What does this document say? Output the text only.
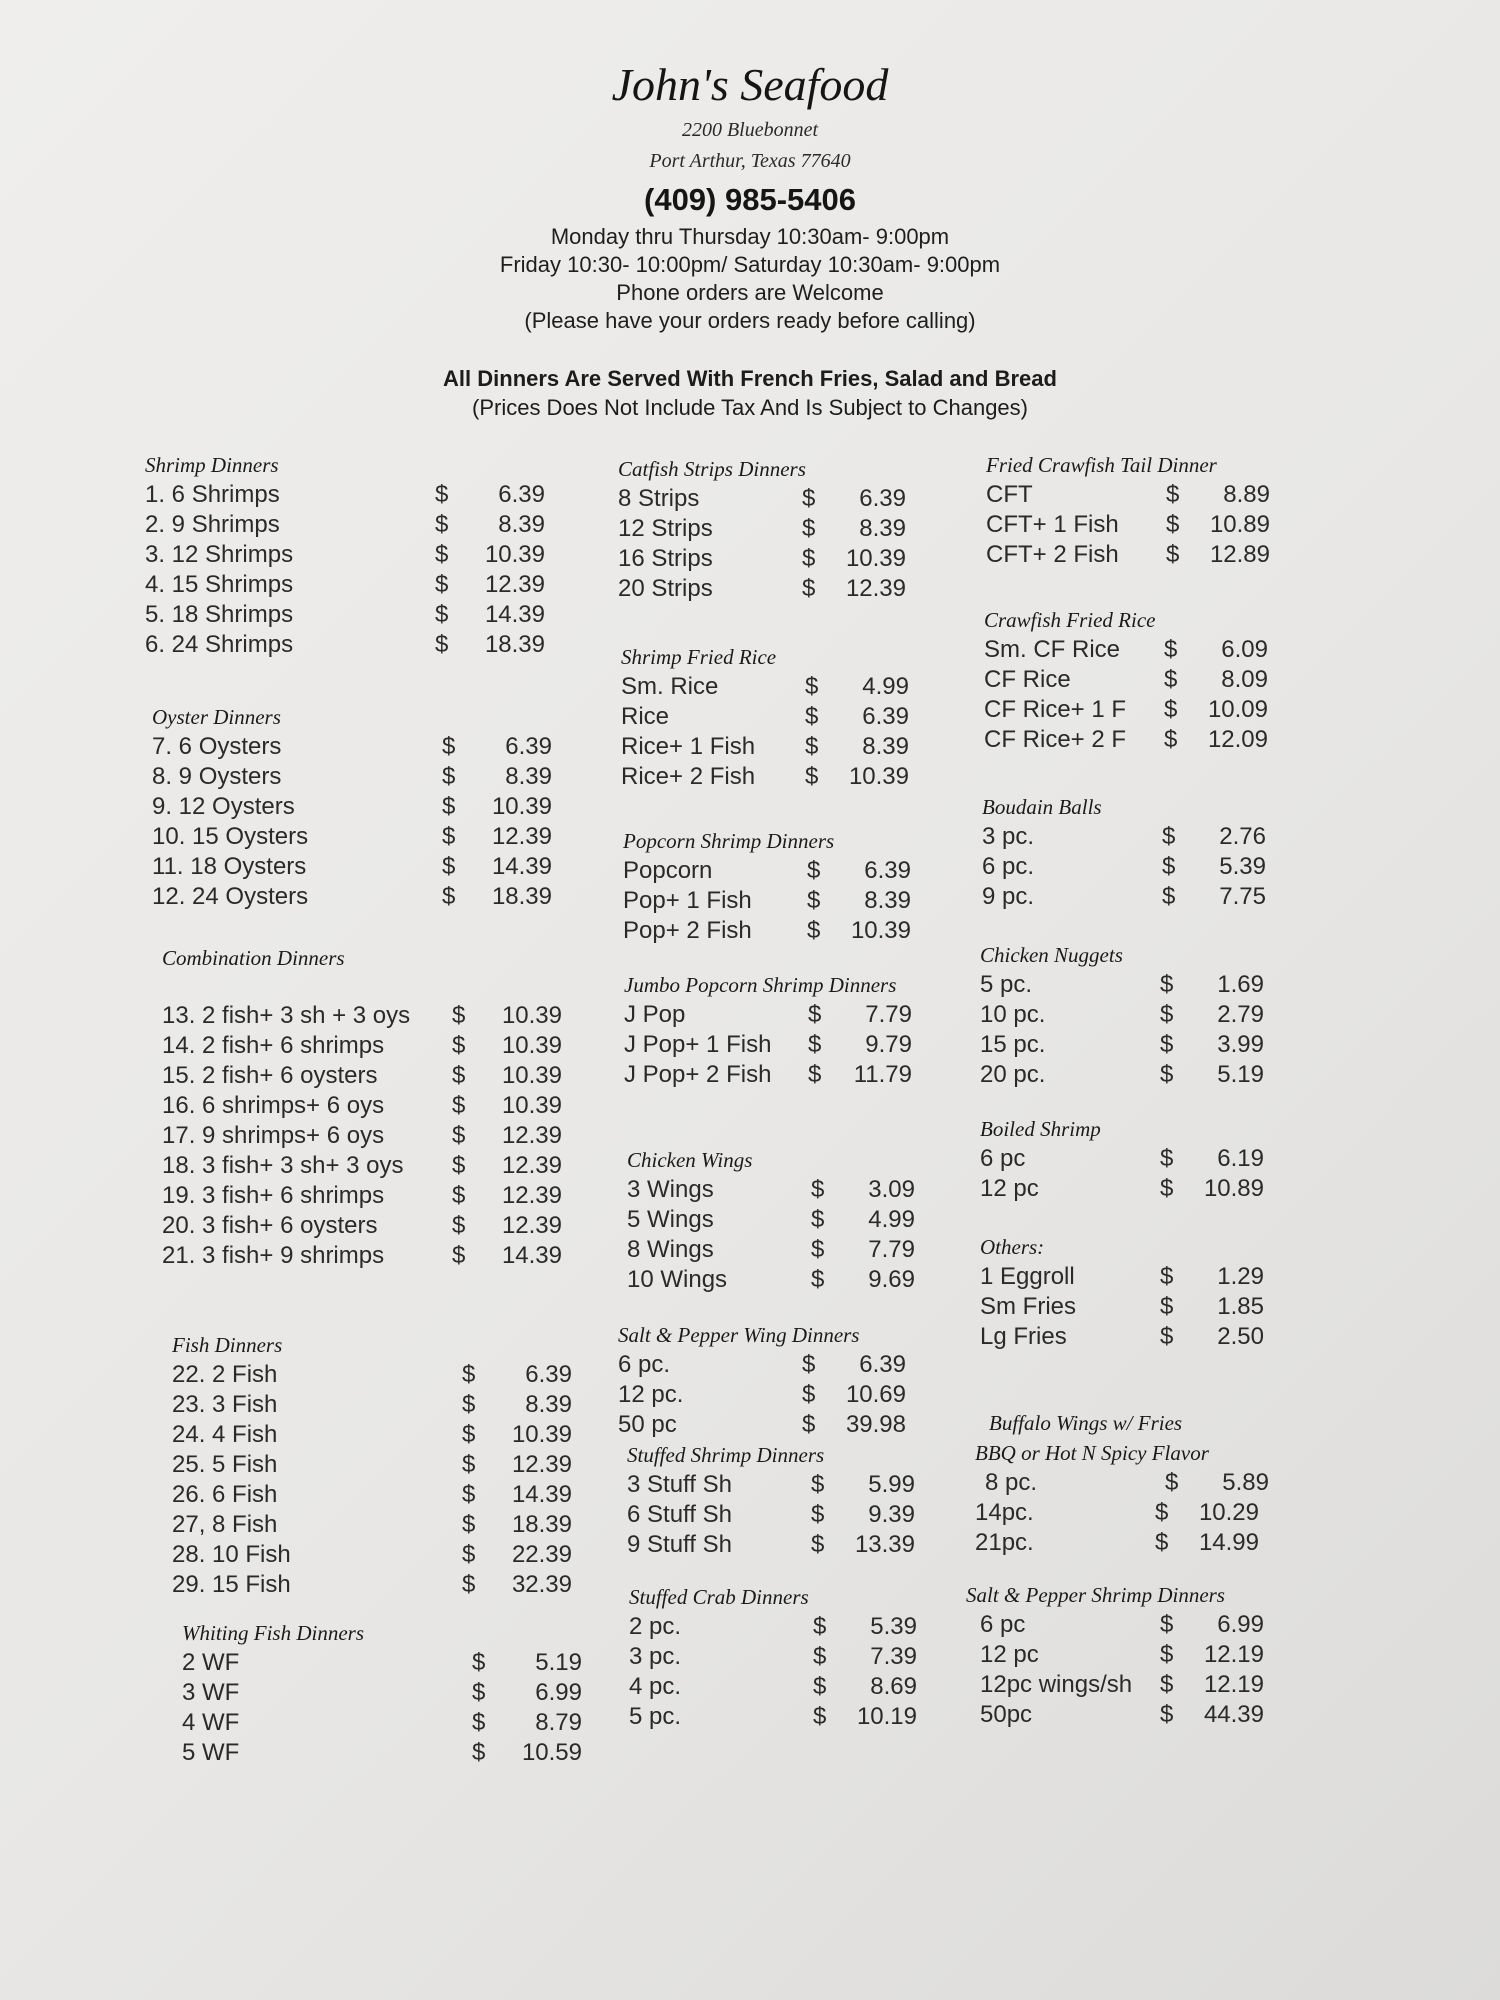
John's Seafood
2200 Bluebonnet
Port Arthur, Texas 77640
(409) 985-5406
Monday thru Thursday 10:30am- 9:00pm
Friday 10:30- 10:00pm/ Saturday 10:30am- 9:00pm
Phone orders are Welcome
(Please have your orders ready before calling)
All Dinners Are Served With French Fries, Salad and Bread
(Prices Does Not Include Tax And Is Subject to Changes)
Shrimp Dinners
1. 6 Shrimps	$	6.39
2. 9 Shrimps	$	8.39
3. 12 Shrimps	$	10.39
4. 15 Shrimps	$	12.39
5. 18 Shrimps	$	14.39
6. 24 Shrimps	$	18.39
Oyster Dinners
7. 6 Oysters	$	6.39
8. 9 Oysters	$	8.39
9. 12 Oysters	$	10.39
10. 15 Oysters	$	12.39
11. 18 Oysters	$	14.39
12. 24 Oysters	$	18.39
Combination Dinners
13. 2 fish+ 3 sh + 3 oys $	10.39
14. 2 fish+ 6 shrimps	$	10.39
15. 2 fish+ 6 oysters	$	10.39
16. 6 shrimps+ 6 oys	$	10.39
17. 9 shrimps+ 6 oys	$	12.39
18. 3 fish+ 3 sh+ 3 oys $	12.39
19. 3 fish+ 6 shrimps	$	12.39
20. 3 fish+ 6 oysters	$	12.39
21. 3 fish+ 9 shrimps	$	14.39
Fish Dinners
22. 2 Fish	$	6.39
23. 3 Fish	$	8.39
24. 4 Fish	$	10.39
25. 5 Fish	$	12.39
26. 6 Fish	$	14.39
27, 8 Fish	$	18.39
28. 10 Fish	$	22.39
29. 15 Fish	$	32.39
Whiting Fish Dinners
2 WF	$	5.19
3 WF	$	6.99
4 WF	$	8.79
5 WF	$	10.59
Catfish Strips Dinners
8 Strips	$	6.39
12 Strips	$	8.39
16 Strips	$	10.39
20 Strips	$	12.39
Shrimp Fried Rice
Sm. Rice	$	4.99
Rice	$	6.39
Rice+ 1 Fish $	8.39
Rice+ 2 Fish $	10.39
Popcorn Shrimp Dinners
Popcorn	$	6.39
Pop+ 1 Fish $	8.39
Pop+ 2 Fish $	10.39
Jumbo Popcorn Shrimp Dinners
J Pop	$	7.79
J Pop+ 1 Fish $	9.79
J Pop+ 2 Fish $	11.79
Chicken Wings
3 Wings	$	3.09
5 Wings	$	4.99
8 Wings	$	7.79
10 Wings	$	9.69
Salt & Pepper Wing Dinners
6 pc.	$	6.39
12 pc.	$	10.69
50 pc	$	39.98
Stuffed Shrimp Dinners
3 Stuff Sh	$	5.99
6 Stuff Sh	$	9.39
9 Stuff Sh	$	13.39
Stuffed Crab Dinners
2 pc.	$	5.39
3 pc.	$	7.39
4 pc.	$	8.69
5 pc.	$	10.19
Fried Crawfish Tail Dinner
CFT	$	8.89
CFT+ 1 Fish $	10.89
CFT+ 2 Fish $	12.89
Crawfish Fried Rice
Sm. CF Rice $	6.09
CF Rice	$	8.09
CF Rice+ 1 F $	10.09
CF Rice+ 2 F $	12.09
Boudain Balls
3 pc.	$	2.76
6 pc.	$	5.39
9 pc.	$	7.75
Chicken Nuggets
5 pc.	$	1.69
10 pc.	$	2.79
15 pc.	$	3.99
20 pc.	$	5.19
Boiled Shrimp
6 pc	$	6.19
12 pc	$	10.89
Others:
1 Eggroll	$	1.29
Sm Fries	$	1.85
Lg Fries	$	2.50
Buffalo Wings w/ Fries
BBQ or Hot N Spicy Flavor
8 pc.	$	5.89
14pc.	$	10.29
21pc.	$	14.99
Salt & Pepper Shrimp Dinners
6 pc	$	6.99
12 pc	$	12.19
12pc wings/sh $	12.19
50pc	$	44.39
